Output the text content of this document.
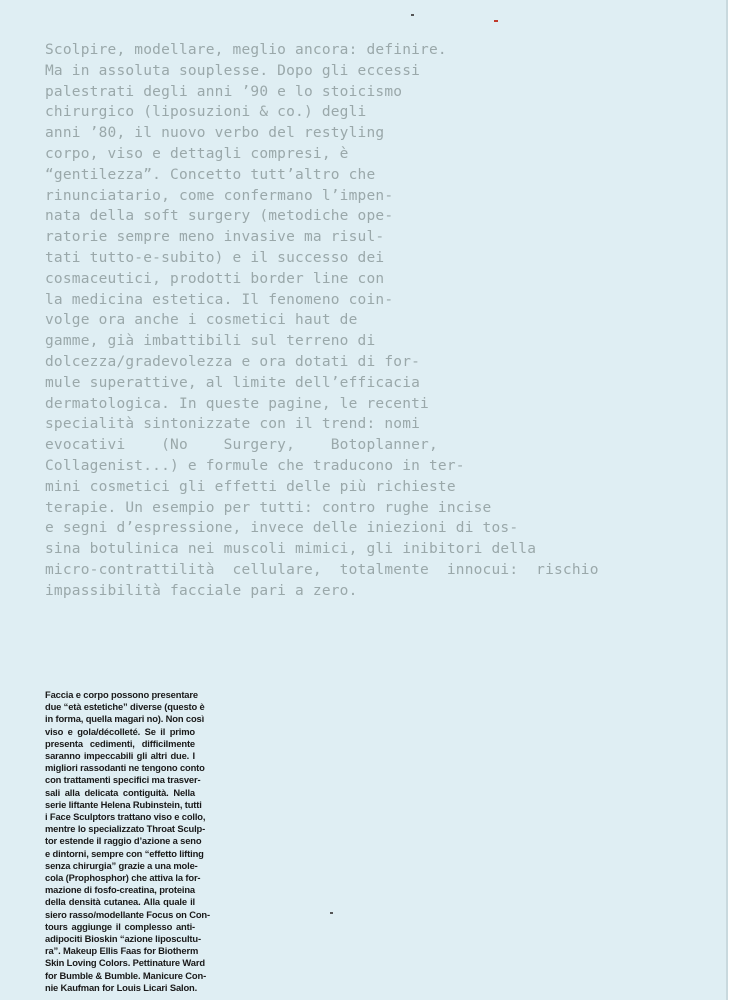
Scolpire, modellare, meglio ancora: definire.
Ma in assoluta souplesse. Dopo gli eccessi
palestrati degli anni ’90 e lo stoicismo
chirurgico (liposuzioni & co.) degli
anni ’80, il nuovo verbo del restyling
corpo, viso e dettagli compresi, è
“gentilezza”. Concetto tutt’altro che
rinunciatario, come confermano l’impen-
nata della soft surgery (metodiche ope-
ratorie sempre meno invasive ma risul-
tati tutto-e-subito) e il successo dei
cosmaceutici, prodotti border line con
la medicina estetica. Il fenomeno coin-
volge ora anche i cosmetici haut de
gamme, già imbattibili sul terreno di
dolcezza/gradevolezza e ora dotati di for-
mule superattive, al limite dell’efficacia
dermatologica. In queste pagine, le recenti
specialità sintonizzate con il trend: nomi
evocativi    (No    Surgery,    Botoplanner,
Collagenist...) e formule che traducono in ter-
mini cosmetici gli effetti delle più richieste
terapie. Un esempio per tutti: contro rughe incise
e segni d’espressione, invece delle iniezioni di tos-
sina botulinica nei muscoli mimici, gli inibitori della
micro-contrattilità  cellulare,  totalmente  innocui:  rischio
impassibilità facciale pari a zero.
Faccia e corpo possono presentare
due “età estetiche” diverse (questo è
in forma, quella magari no). Non così
viso e gola/décolleté. Se il primo
presenta cedimenti, difficilmente
saranno impeccabili gli altri due. I
migliori rassodanti ne tengono conto
con trattamenti specifici ma trasver-
sali alla delicata contiguità. Nella
serie liftante Helena Rubinstein, tutti
i Face Sculptors trattano viso e collo,
mentre lo specializzato Throat Sculp-
tor estende il raggio d’azione a seno
e dintorni, sempre con “effetto lifting
senza chirurgia” grazie a una mole-
cola (Prophosphor) che attiva la for-
mazione di fosfo-creatina, proteina
della densità cutanea. Alla quale il
siero rasso/modellante Focus on Con-
tours aggiunge il complesso anti-
adipociti Bioskin “azione liposcultu-
ra”. Makeup Ellis Faas for Biotherm
Skin Loving Colors. Pettinature Ward
for Bumble & Bumble. Manicure Con-
nie Kaufman for Louis Licari Salon.
